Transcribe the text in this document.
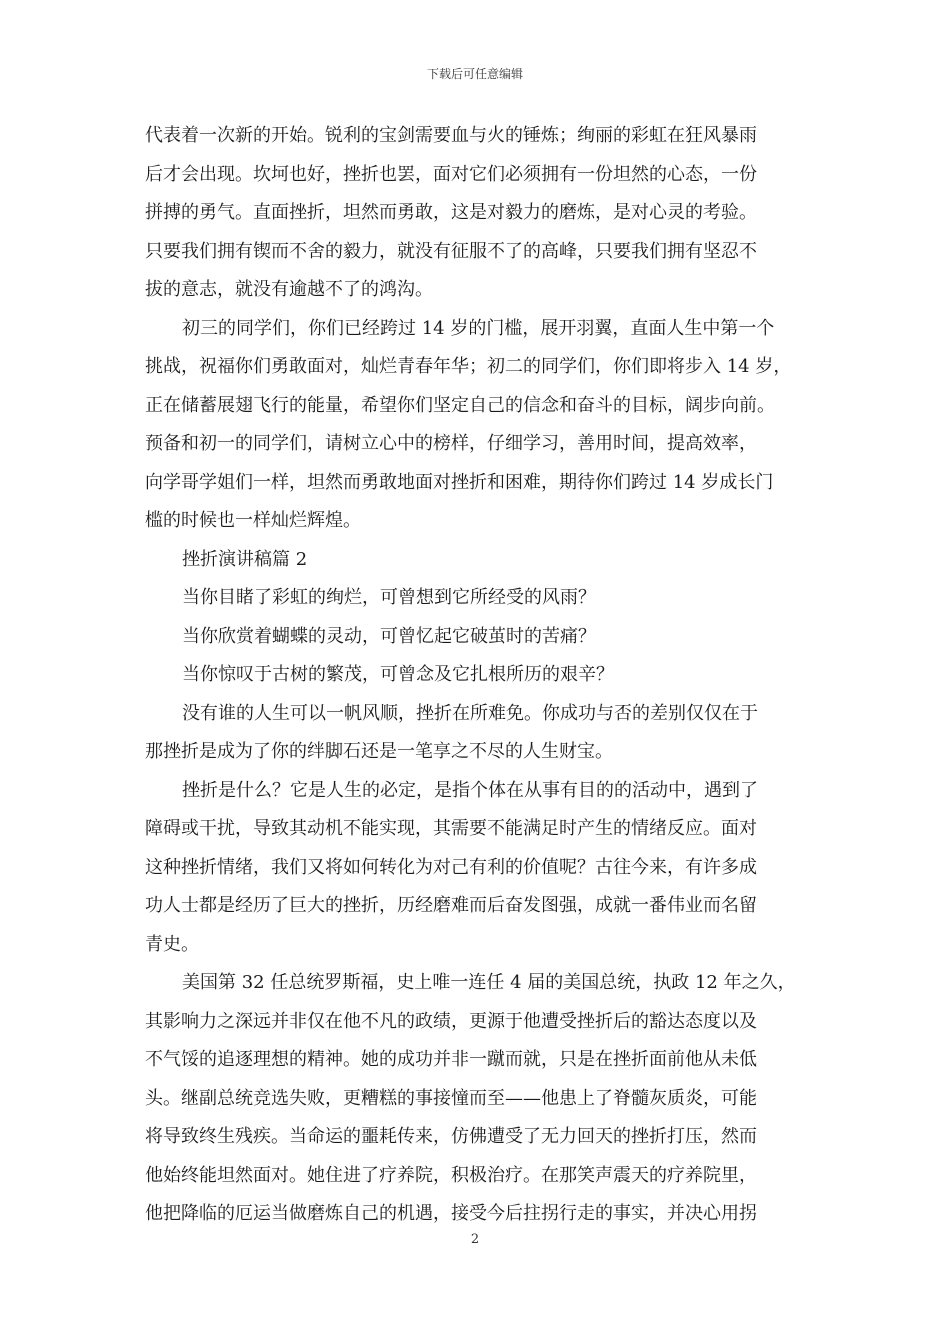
下载后可任意编辑
代表着一次新的开始。锐利的宝剑需要血与火的锤炼；绚丽的彩虹在狂风暴雨
后才会出现。坎坷也好，挫折也罢，面对它们必须拥有一份坦然的心态，一份
拼搏的勇气。直面挫折，坦然而勇敢，这是对毅力的磨炼，是对心灵的考验。
只要我们拥有锲而不舍的毅力，就没有征服不了的高峰，只要我们拥有坚忍不
拔的意志，就没有逾越不了的鸿沟。
初三的同学们，你们已经跨过 14 岁的门槛，展开羽翼，直面人生中第一个
挑战，祝福你们勇敢面对，灿烂青春年华；初二的同学们，你们即将步入 14 岁，
正在储蓄展翅飞行的能量，希望你们坚定自己的信念和奋斗的目标，阔步向前。
预备和初一的同学们，请树立心中的榜样，仔细学习，善用时间，提高效率，
向学哥学姐们一样，坦然而勇敢地面对挫折和困难，期待你们跨过 14 岁成长门
槛的时候也一样灿烂辉煌。
挫折演讲稿篇 2
当你目睹了彩虹的绚烂，可曾想到它所经受的风雨？
当你欣赏着蝴蝶的灵动，可曾忆起它破茧时的苦痛？
当你惊叹于古树的繁茂，可曾念及它扎根所历的艰辛？
没有谁的人生可以一帆风顺，挫折在所难免。你成功与否的差别仅仅在于
那挫折是成为了你的绊脚石还是一笔享之不尽的人生财宝。
挫折是什么？它是人生的必定，是指个体在从事有目的的活动中，遇到了
障碍或干扰，导致其动机不能实现，其需要不能满足时产生的情绪反应。面对
这种挫折情绪，我们又将如何转化为对己有利的价值呢？古往今来，有许多成
功人士都是经历了巨大的挫折，历经磨难而后奋发图强，成就一番伟业而名留
青史。
美国第 32 任总统罗斯福，史上唯一连任 4 届的美国总统，执政 12 年之久，
其影响力之深远并非仅在他不凡的政绩，更源于他遭受挫折后的豁达态度以及
不气馁的追逐理想的精神。她的成功并非一蹴而就，只是在挫折面前他从未低
头。继副总统竞选失败，更糟糕的事接憧而至——他患上了脊髓灰质炎，可能
将导致终生残疾。当命运的噩耗传来，仿佛遭受了无力回天的挫折打压，然而
他始终能坦然面对。她住进了疗养院，积极治疗。在那笑声震天的疗养院里，
他把降临的厄运当做磨炼自己的机遇，接受今后拄拐行走的事实，并决心用拐
2
